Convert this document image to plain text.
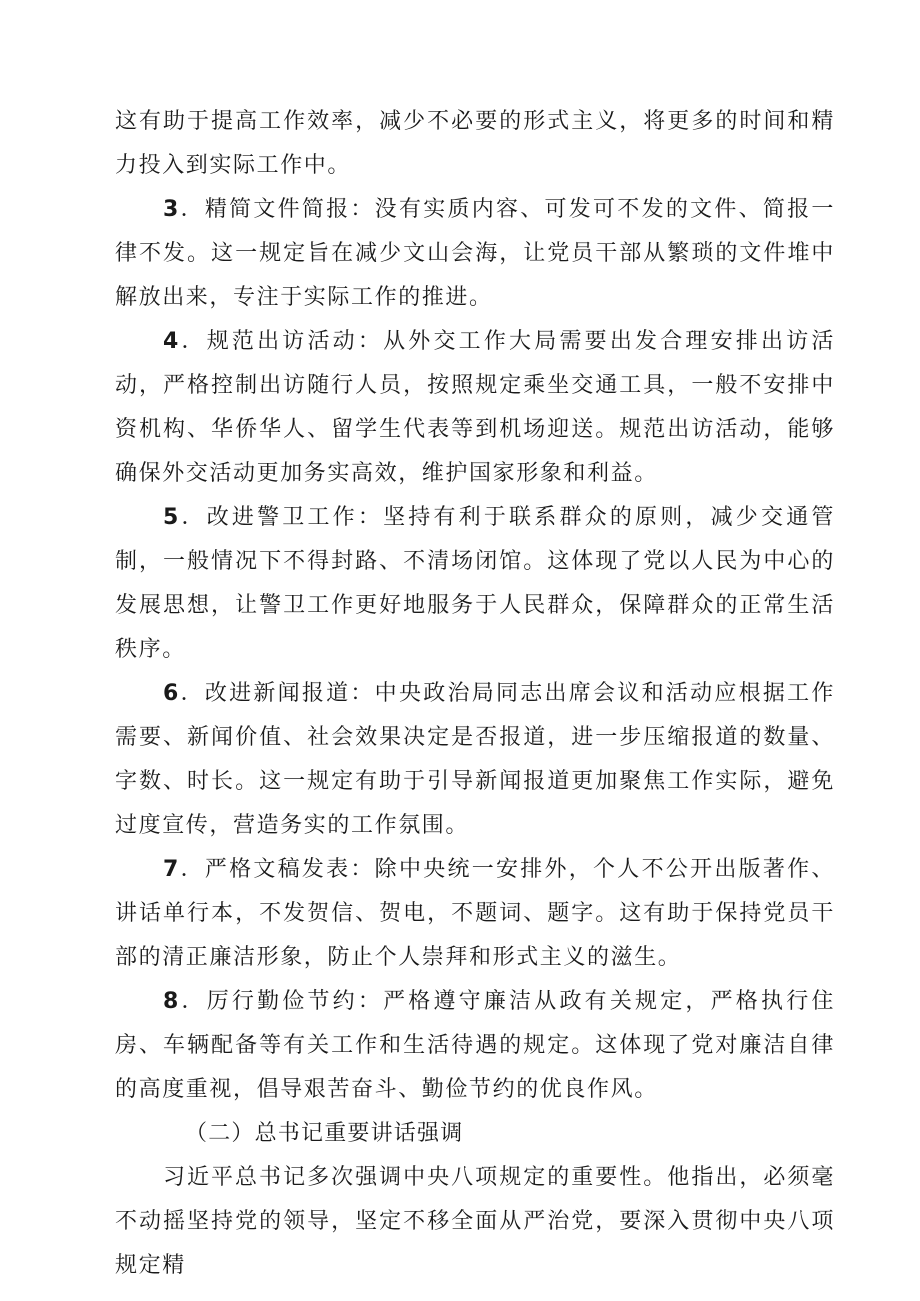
这有助于提高工作效率，减少不必要的形式主义，将更多的时间和精力投入到实际工作中。

3．精简文件简报：没有实质内容、可发可不发的文件、简报一律不发。这一规定旨在减少文山会海，让党员干部从繁琐的文件堆中解放出来，专注于实际工作的推进。

4．规范出访活动：从外交工作大局需要出发合理安排出访活动，严格控制出访随行人员，按照规定乘坐交通工具，一般不安排中资机构、华侨华人、留学生代表等到机场迎送。规范出访活动，能够确保外交活动更加务实高效，维护国家形象和利益。

5．改进警卫工作：坚持有利于联系群众的原则，减少交通管制，一般情况下不得封路、不清场闭馆。这体现了党以人民为中心的发展思想，让警卫工作更好地服务于人民群众，保障群众的正常生活秩序。

6．改进新闻报道：中央政治局同志出席会议和活动应根据工作需要、新闻价值、社会效果决定是否报道，进一步压缩报道的数量、字数、时长。这一规定有助于引导新闻报道更加聚焦工作实际，避免过度宣传，营造务实的工作氛围。

7．严格文稿发表：除中央统一安排外，个人不公开出版著作、讲话单行本，不发贺信、贺电，不题词、题字。这有助于保持党员干部的清正廉洁形象，防止个人崇拜和形式主义的滋生。

8．厉行勤俭节约：严格遵守廉洁从政有关规定，严格执行住房、车辆配备等有关工作和生活待遇的规定。这体现了党对廉洁自律的高度重视，倡导艰苦奋斗、勤俭节约的优良作风。

（二）总书记重要讲话强调

习近平总书记多次强调中央八项规定的重要性。他指出，必须毫不动摇坚持党的领导，坚定不移全面从严治党，要深入贯彻中央八项规定精
